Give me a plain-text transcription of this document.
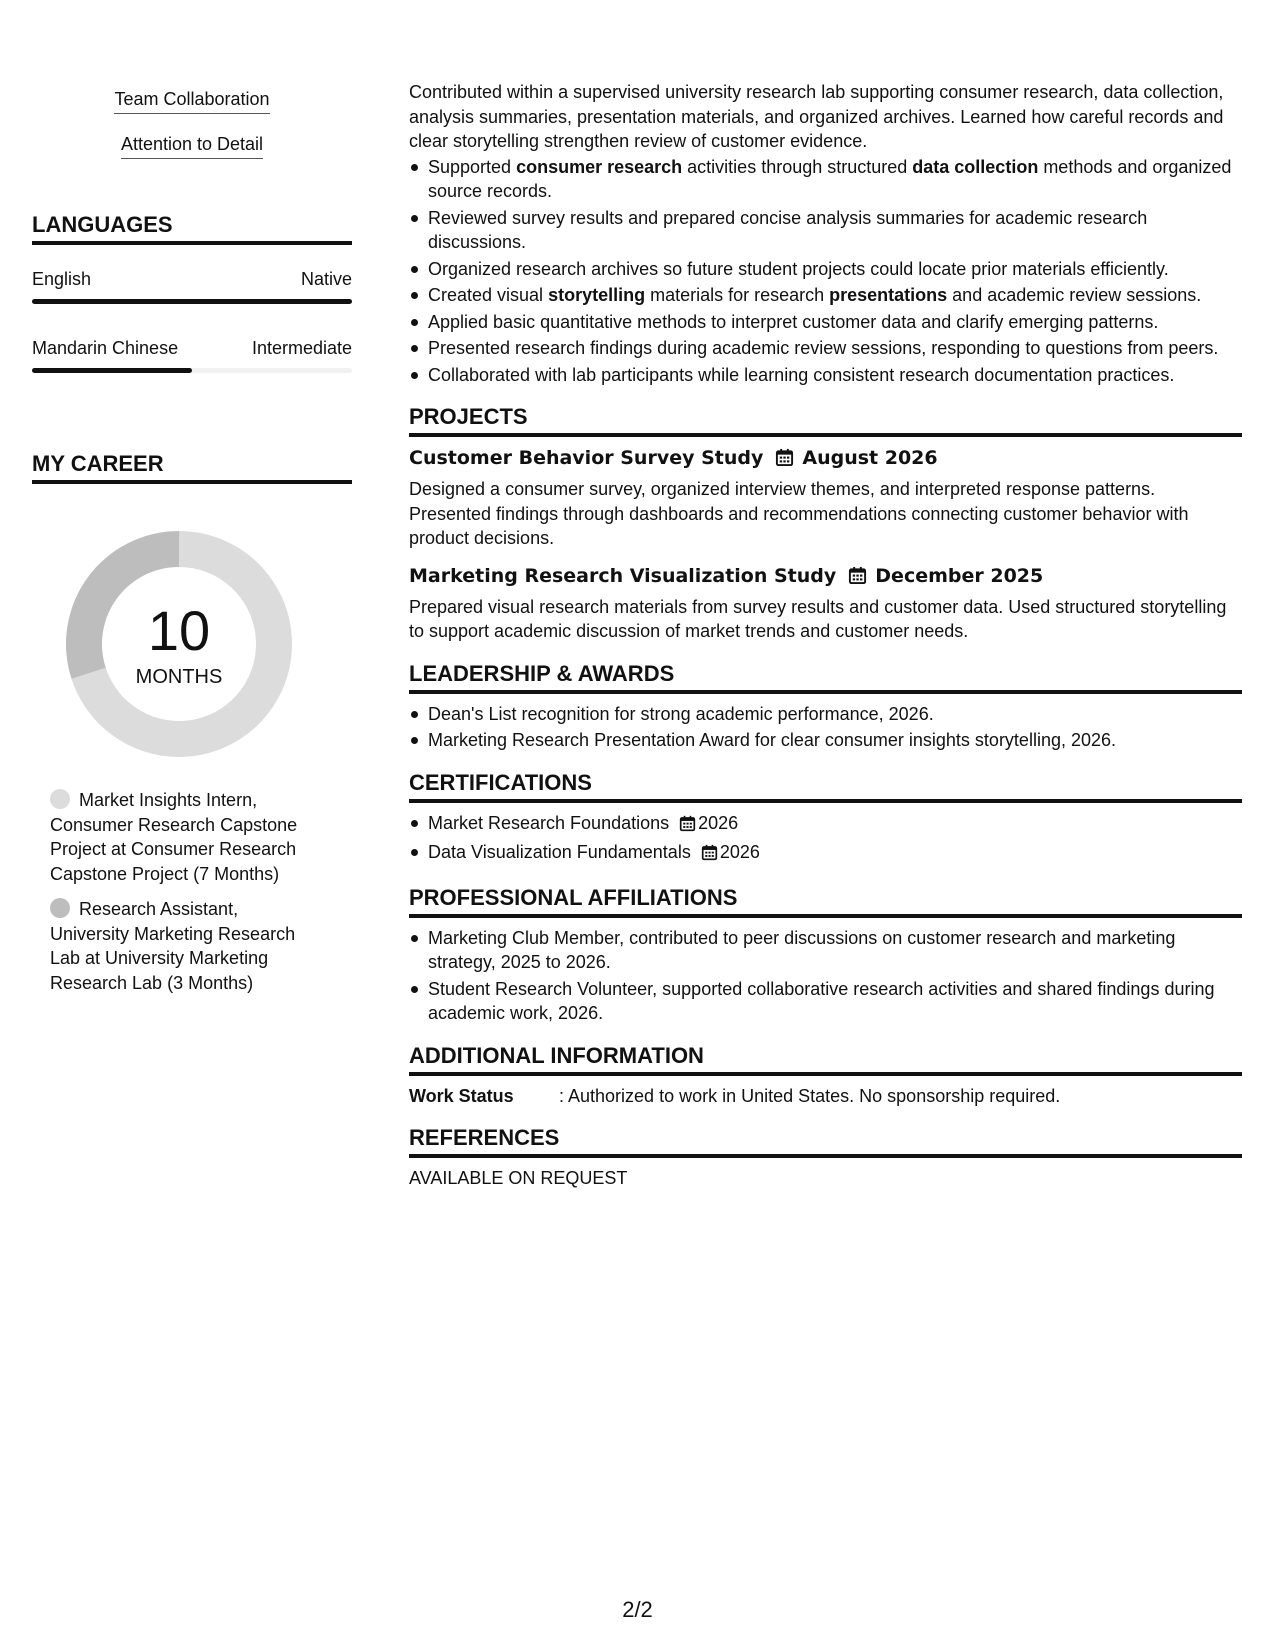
Team Collaboration
Attention to Detail
LANGUAGES
English	Native
Mandarin Chinese	Intermediate
MY CAREER
10
MONTHS
Market Insights Intern, Consumer Research Capstone Project at Consumer Research Capstone Project (7 Months)
Research Assistant, University Marketing Research Lab at University Marketing Research Lab (3 Months)

Contributed within a supervised university research lab supporting consumer research, data collection, analysis summaries, presentation materials, and organized archives. Learned how careful records and clear storytelling strengthen review of customer evidence.

Supported consumer research activities through structured data collection methods and organized source records.
Reviewed survey results and prepared concise analysis summaries for academic research discussions.
Organized research archives so future student projects could locate prior materials efficiently.
Created visual storytelling materials for research presentations and academic review sessions.
Applied basic quantitative methods to interpret customer data and clarify emerging patterns.
Presented research findings during academic review sessions, responding to questions from peers.
Collaborated with lab participants while learning consistent research documentation practices.
PROJECTS
Customer Behavior Survey Study August 2026

Designed a consumer survey, organized interview themes, and interpreted response patterns. Presented findings through dashboards and recommendations connecting customer behavior with product decisions.

Marketing Research Visualization Study December 2025

Prepared visual research materials from survey results and customer data. Used structured storytelling to support academic discussion of market trends and customer needs.

LEADERSHIP & AWARDS
Dean's List recognition for strong academic performance, 2026.
Marketing Research Presentation Award for clear consumer insights storytelling, 2026.
CERTIFICATIONS
Market Research Foundations 2026
Data Visualization Fundamentals 2026
PROFESSIONAL AFFILIATIONS
Marketing Club Member, contributed to peer discussions on customer research and marketing strategy, 2025 to 2026.
Student Research Volunteer, supported collaborative research activities and shared findings during academic work, 2026.
ADDITIONAL INFORMATION
Work Status	: Authorized to work in United States. No sponsorship required.
REFERENCES

AVAILABLE ON REQUEST

2/2
